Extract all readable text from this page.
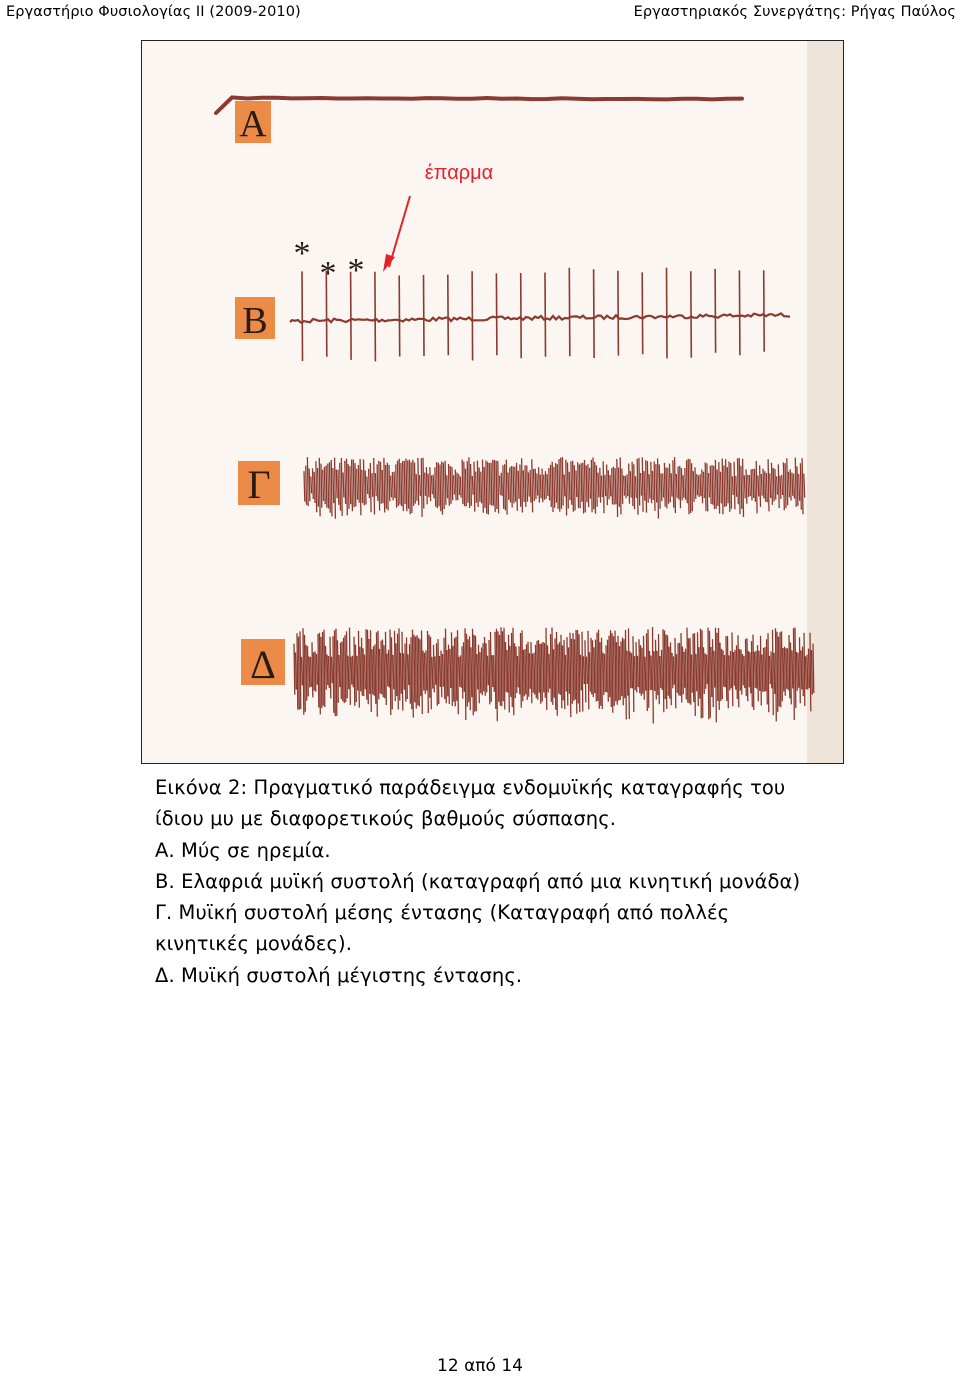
Εργαστήριο Φυσιολογίας ΙΙ (2009-2010)	Εργαστηριακός Συνεργάτης: Ρήγας Παύλος
Α
έπαρμα
*
* *
Β
Γ
Δ
Εικόνα 2: Πραγματικό παράδειγμα ενδομυϊκής καταγραφής του
ίδιου μυ με διαφορετικούς βαθμούς σύσπασης.
Α. Μύς σε ηρεμία.
Β. Ελαφριά μυϊκή συστολή (καταγραφή από μια κινητική μονάδα)
Γ. Μυϊκή συστολή μέσης έντασης (Καταγραφή από πολλές
κινητικές μονάδες).
Δ. Μυϊκή συστολή μέγιστης έντασης.
12 από 14
